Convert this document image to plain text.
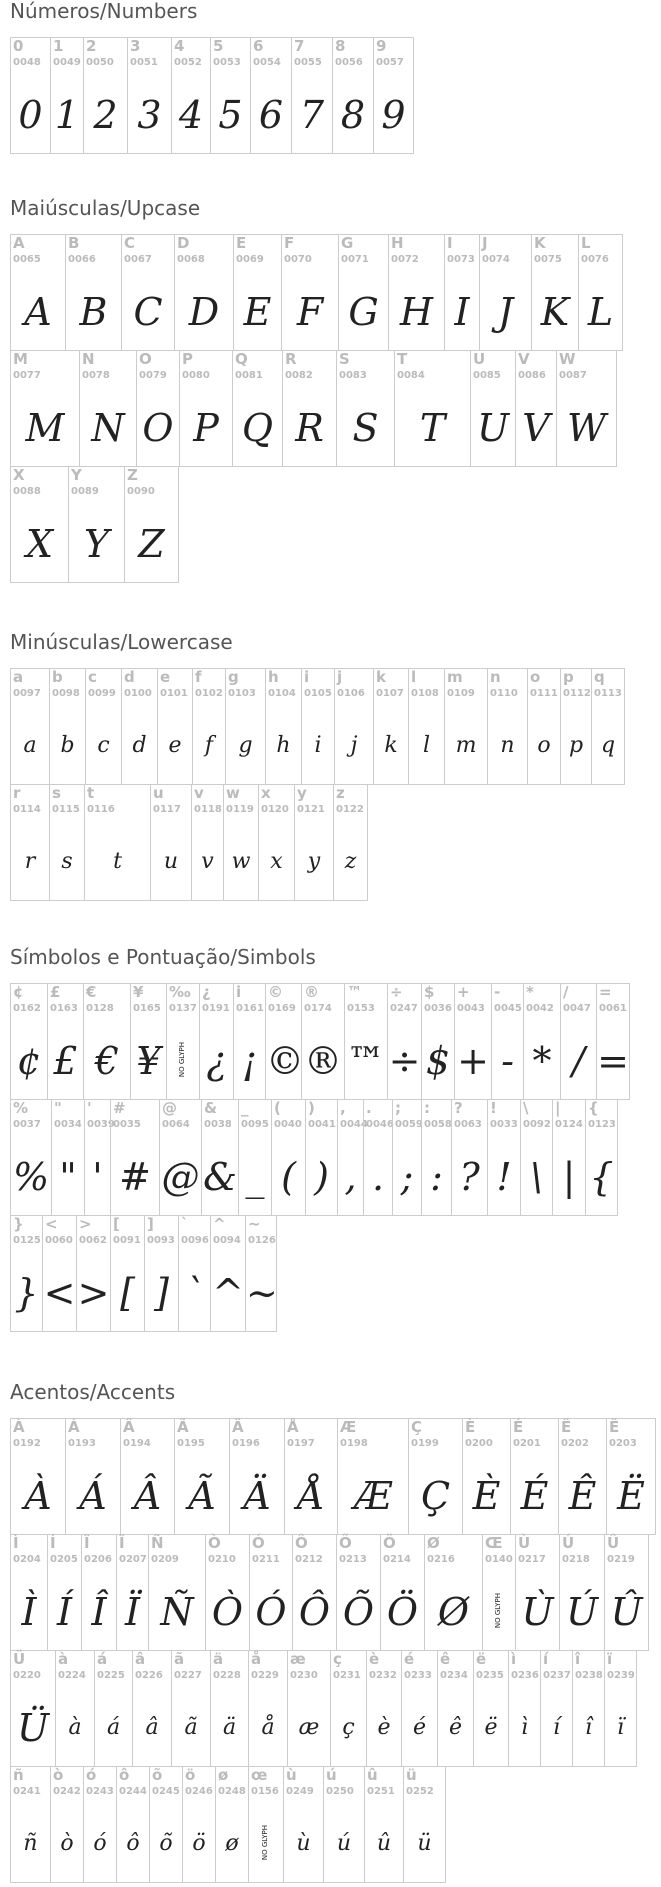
Números/Numbers
0
0048
0
1
0049
1
2
0050
2
3
0051
3
4
0052
4
5
0053
5
6
0054
6
7
0055
7
8
0056
8
9
0057
9
Maiúsculas/Upcase
A
0065
A
B
0066
B
C
0067
C
D
0068
D
E
0069
E
F
0070
F
G
0071
G
H
0072
H
I
0073
I
J
0074
J
K
0075
K
L
0076
L
M
0077
M
N
0078
N
O
0079
O
P
0080
P
Q
0081
Q
R
0082
R
S
0083
S
T
0084
T
U
0085
U
V
0086
V
W
0087
W
X
0088
X
Y
0089
Y
Z
0090
Z
Minúsculas/Lowercase
a
0097
a
b
0098
b
c
0099
c
d
0100
d
e
0101
e
f
0102
f
g
0103
g
h
0104
h
i
0105
i
j
0106
j
k
0107
k
l
0108
l
m
0109
m
n
0110
n
o
0111
o
p
0112
p
q
0113
q
r
0114
r
s
0115
s
t
0116
t
u
0117
u
v
0118
v
w
0119
w
x
0120
x
y
0121
y
z
0122
z
Símbolos e Pontuação/Simbols
¢
0162
¢
£
0163
£
€
0128
€
¥
0165
¥
‰
0137
NO GLYPH
¿
0191
¿
i
0161
¡
©
0169
©
®
0174
®
™
0153
™
÷
0247
÷
$
0036
$
+
0043
+
-
0045
-
*
0042
*
/
0047
/
=
0061
=
%
0037
%
"
0034
"
'
0039
'
#
0035
#
@
0064
@
&
0038
&
_
0095
_
(
0040
(
)
0041
)
,
0044
,
.
0046
.
;
0059
;
:
0058
:
?
0063
?
!
0033
!
\
0092
\
|
0124
|
{
0123
{
}
0125
}
<
0060
<
>
0062
>
[
0091
[
]
0093
]
`
0096
`
^
0094
^
~
0126
~
Acentos/Accents
À
0192
À
Á
0193
Á
Â
0194
Â
Ã
0195
Ã
Ä
0196
Ä
Å
0197
Å
Æ
0198
Æ
Ç
0199
Ç
È
0200
È
É
0201
É
Ê
0202
Ê
Ë
0203
Ë
Ì
0204
Ì
Í
0205
Í
Î
0206
Î
Ï
0207
Ï
Ñ
0209
Ñ
Ò
0210
Ò
Ó
0211
Ó
Ô
0212
Ô
Õ
0213
Õ
Ö
0214
Ö
Ø
0216
Ø
Œ
0140
NO GLYPH
Ù
0217
Ù
Ú
0218
Ú
Û
0219
Û
Ü
0220
Ü
à
0224
à
á
0225
á
â
0226
â
ã
0227
ã
ä
0228
ä
å
0229
å
æ
0230
æ
ç
0231
ç
è
0232
è
é
0233
é
ê
0234
ê
ë
0235
ë
ì
0236
ì
í
0237
í
î
0238
î
ï
0239
ï
ñ
0241
ñ
ò
0242
ò
ó
0243
ó
ô
0244
ô
õ
0245
õ
ö
0246
ö
ø
0248
ø
œ
0156
NO GLYPH
ù
0249
ù
ú
0250
ú
û
0251
û
ü
0252
ü
